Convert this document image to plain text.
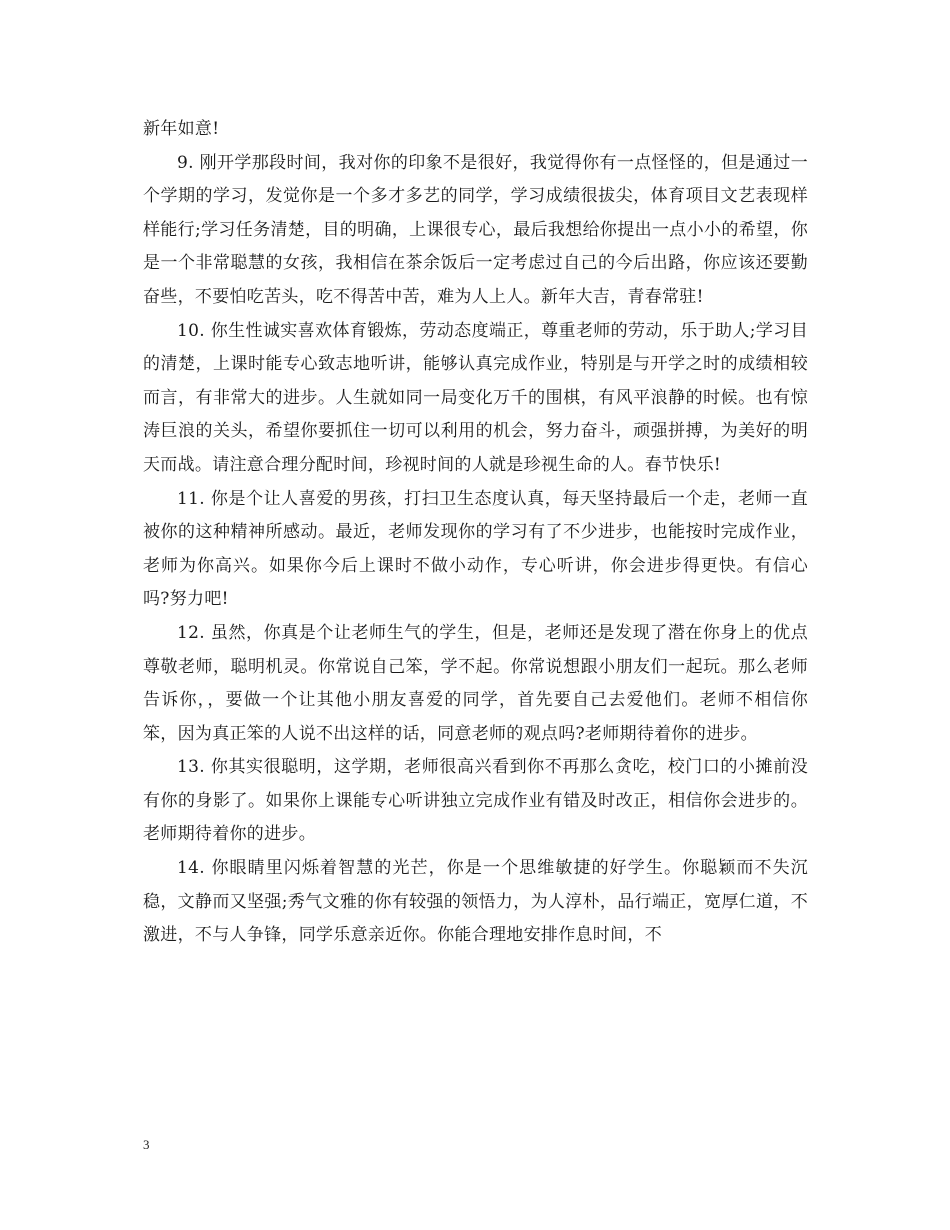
新年如意!

9. 刚开学那段时间，我对你的印象不是很好，我觉得你有一点怪怪的，但是通过一个学期的学习，发觉你是一个多才多艺的同学，学习成绩很拔尖，体育项目文艺表现样样能行;学习任务清楚，目的明确，上课很专心，最后我想给你提出一点小小的希望，你是一个非常聪慧的女孩，我相信在茶余饭后一定考虑过自己的今后出路，你应该还要勤奋些，不要怕吃苦头，吃不得苦中苦，难为人上人。新年大吉，青春常驻!

10. 你生性诚实喜欢体育锻炼，劳动态度端正，尊重老师的劳动，乐于助人;学习目的清楚，上课时能专心致志地听讲，能够认真完成作业，特别是与开学之时的成绩相较而言，有非常大的进步。人生就如同一局变化万千的围棋，有风平浪静的时候。也有惊涛巨浪的关头，希望你要抓住一切可以利用的机会，努力奋斗，顽强拼搏，为美好的明天而战。请注意合理分配时间，珍视时间的人就是珍视生命的人。春节快乐!

11. 你是个让人喜爱的男孩，打扫卫生态度认真，每天坚持最后一个走，老师一直被你的这种精神所感动。最近，老师发现你的学习有了不少进步，也能按时完成作业，老师为你高兴。如果你今后上课时不做小动作，专心听讲，你会进步得更快。有信心吗?努力吧!

12. 虽然，你真是个让老师生气的学生，但是，老师还是发现了潜在你身上的优点尊敬老师，聪明机灵。你常说自己笨，学不起。你常说想跟小朋友们一起玩。那么老师告诉你，，要做一个让其他小朋友喜爱的同学，首先要自己去爱他们。老师不相信你笨，因为真正笨的人说不出这样的话，同意老师的观点吗?老师期待着你的进步。

13. 你其实很聪明，这学期，老师很高兴看到你不再那么贪吃，校门口的小摊前没有你的身影了。如果你上课能专心听讲独立完成作业有错及时改正，相信你会进步的。老师期待着你的进步。

14. 你眼睛里闪烁着智慧的光芒，你是一个思维敏捷的好学生。你聪颖而不失沉稳，文静而又坚强;秀气文雅的你有较强的领悟力，为人淳朴，品行端正，宽厚仁道，不激进，不与人争锋，同学乐意亲近你。你能合理地安排作息时间，不

3
